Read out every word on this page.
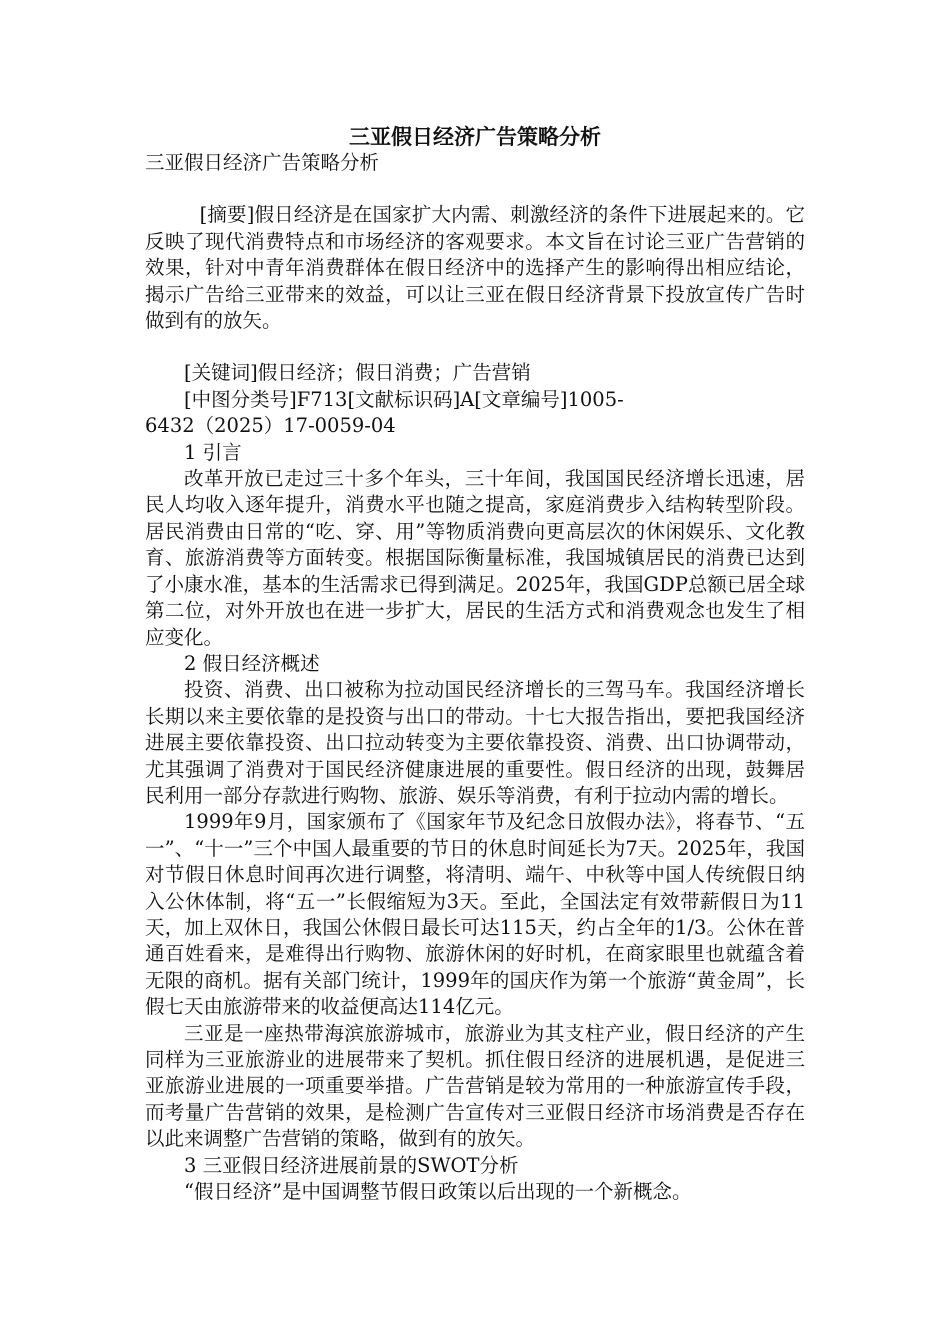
三亚假日经济广告策略分析

三亚假日经济广告策略分析

[摘要]假日经济是在国家扩大内需、刺激经济的条件下进展起来的。它反映了现代消费特点和市场经济的客观要求。本文旨在讨论三亚广告营销的效果，针对中青年消费群体在假日经济中的选择产生的影响得出相应结论，揭示广告给三亚带来的效益，可以让三亚在假日经济背景下投放宣传广告时做到有的放矢。

[关键词]假日经济；假日消费；广告营销

[中图分类号]F713[文献标识码]A[文章编号]1005-

6432（2025）17-0059-04

1 引言

改革开放已走过三十多个年头，三十年间，我国国民经济增长迅速，居民人均收入逐年提升，消费水平也随之提高，家庭消费步入结构转型阶段。居民消费由日常的“吃、穿、用”等物质消费向更高层次的休闲娱乐、文化教育、旅游消费等方面转变。根据国际衡量标准，我国城镇居民的消费已达到了小康水准，基本的生活需求已得到满足。2025年，我国GDP总额已居全球第二位，对外开放也在进一步扩大，居民的生活方式和消费观念也发生了相应变化。

2 假日经济概述

投资、消费、出口被称为拉动国民经济增长的三驾马车。我国经济增长长期以来主要依靠的是投资与出口的带动。十七大报告指出，要把我国经济进展主要依靠投资、出口拉动转变为主要依靠投资、消费、出口协调带动，尤其强调了消费对于国民经济健康进展的重要性。假日经济的出现，鼓舞居民利用一部分存款进行购物、旅游、娱乐等消费，有利于拉动内需的增长。

1999年9月，国家颁布了《国家年节及纪念日放假办法》，将春节、“五一”、“十一”三个中国人最重要的节日的休息时间延长为7天。2025年，我国对节假日休息时间再次进行调整，将清明、端午、中秋等中国人传统假日纳入公休体制，将“五一”长假缩短为3天。至此，全国法定有效带薪假日为11天，加上双休日，我国公休假日最长可达115天，约占全年的1/3。公休在普通百姓看来，是难得出行购物、旅游休闲的好时机，在商家眼里也就蕴含着无限的商机。据有关部门统计，1999年的国庆作为第一个旅游“黄金周”，长假七天由旅游带来的收益便高达114亿元。

三亚是一座热带海滨旅游城市，旅游业为其支柱产业，假日经济的产生同样为三亚旅游业的进展带来了契机。抓住假日经济的进展机遇，是促进三亚旅游业进展的一项重要举措。广告营销是较为常用的一种旅游宣传手段，而考量广告营销的效果，是检测广告宣传对三亚假日经济市场消费是否存在以此来调整广告营销的策略，做到有的放矢。

3 三亚假日经济进展前景的SWOT分析

“假日经济”是中国调整节假日政策以后出现的一个新概念。
